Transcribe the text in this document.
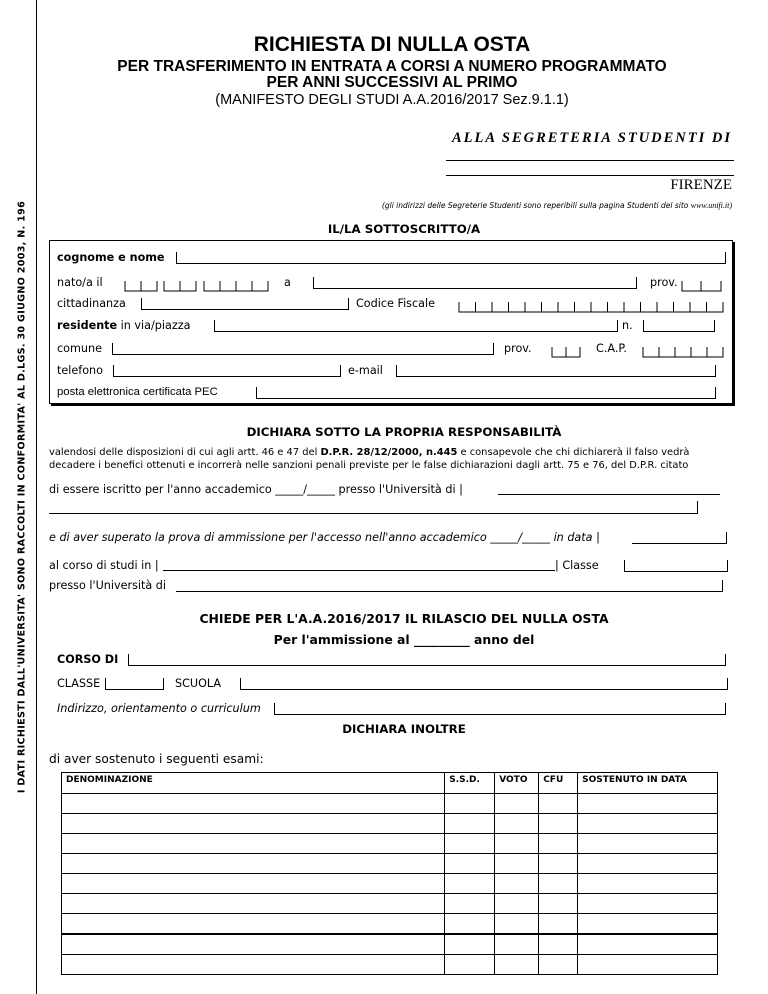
I DATI RICHIESTI DALL'UNIVERSITA' SONO RACCOLTI IN CONFORMITA' AL D.LGS. 30 GIUGNO 2003, N. 196
RICHIESTA DI NULLA OSTA
PER TRASFERIMENTO IN ENTRATA A CORSI A NUMERO PROGRAMMATO
PER ANNI SUCCESSIVI AL PRIMO
(MANIFESTO DEGLI STUDI A.A.2016/2017 Sez.9.1.1)
ALLA SEGRETERIA STUDENTI DI
FIRENZE
(gli indirizzi delle Segreterie Studenti sono reperibili sulla pagina Studenti del sito www.unifi.it)
IL/LA SOTTOSCRITTO/A
cognome e nome
nato/a il	a	prov.
cittadinanza	Codice Fiscale
residente in via/piazza	n.
comune	prov.	C.A.P.
telefono	e-mail
posta elettronica certificata PEC
DICHIARA SOTTO LA PROPRIA RESPONSABILITÀ
valendosi delle disposizioni di cui agli artt. 46 e 47 del D.P.R. 28/12/2000, n.445 e consapevole che chi dichiarerà il falso vedrà
decadere i benefici ottenuti e incorrerà nelle sanzioni penali previste per le false dichiarazioni dagli artt. 75 e 76, del D.P.R. citato
di essere iscritto per l'anno accademico _____/_____ presso l'Università di |
e di aver superato la prova di ammissione per l'accesso nell'anno accademico _____/_____ in data |
al corso di studi in |	| Classe
presso l'Università di
CHIEDE PER L'A.A.2016/2017 IL RILASCIO DEL NULLA OSTA
Per l'ammissione al _________ anno del
CORSO DI
CLASSE	SCUOLA
Indirizzo, orientamento o curriculum
DICHIARA INOLTRE
di aver sostenuto i seguenti esami:
DENOMINAZIONE	S.S.D.	VOTO	CFU	SOSTENUTO IN DATA
